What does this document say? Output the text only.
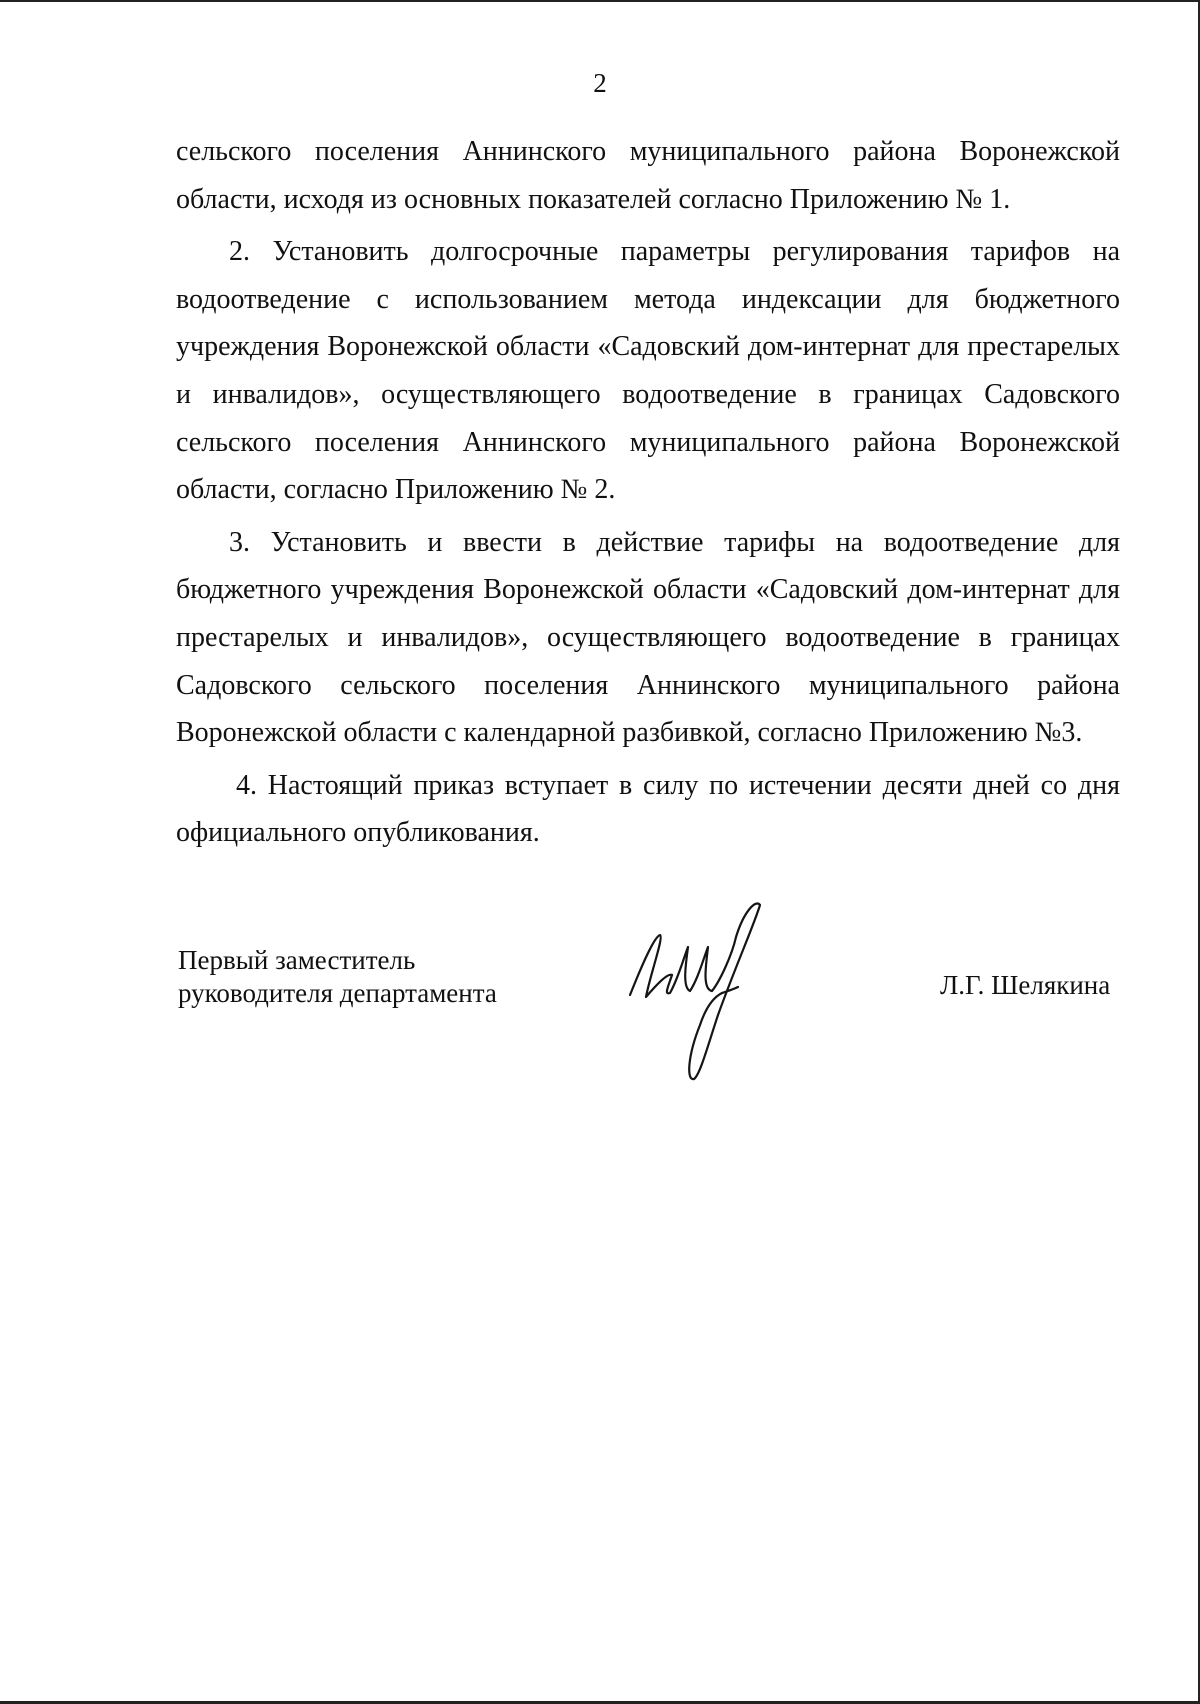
2

сельского поселения Аннинского муниципального района Воронежской области, исходя из основных показателей согласно Приложению № 1.

2. Установить долгосрочные параметры регулирования тарифов на водоотведение с использованием метода индексации для бюджетного учреждения Воронежской области «Садовский дом-интернат для престарелых и инвалидов», осуществляющего водоотведение в границах Садовского сельского поселения Аннинского муниципального района Воронежской области, согласно Приложению № 2.

3. Установить и ввести в действие тарифы на водоотведение для бюджетного учреждения Воронежской области «Садовский дом-интернат для престарелых и инвалидов», осуществляющего водоотведение в границах Садовского сельского поселения Аннинского муниципального района Воронежской области с календарной разбивкой, согласно Приложению №3.

4. Настоящий приказ вступает в силу по истечении десяти дней со дня официального опубликования.

Первый заместитель
руководителя департамента	Л.Г. Шелякина
